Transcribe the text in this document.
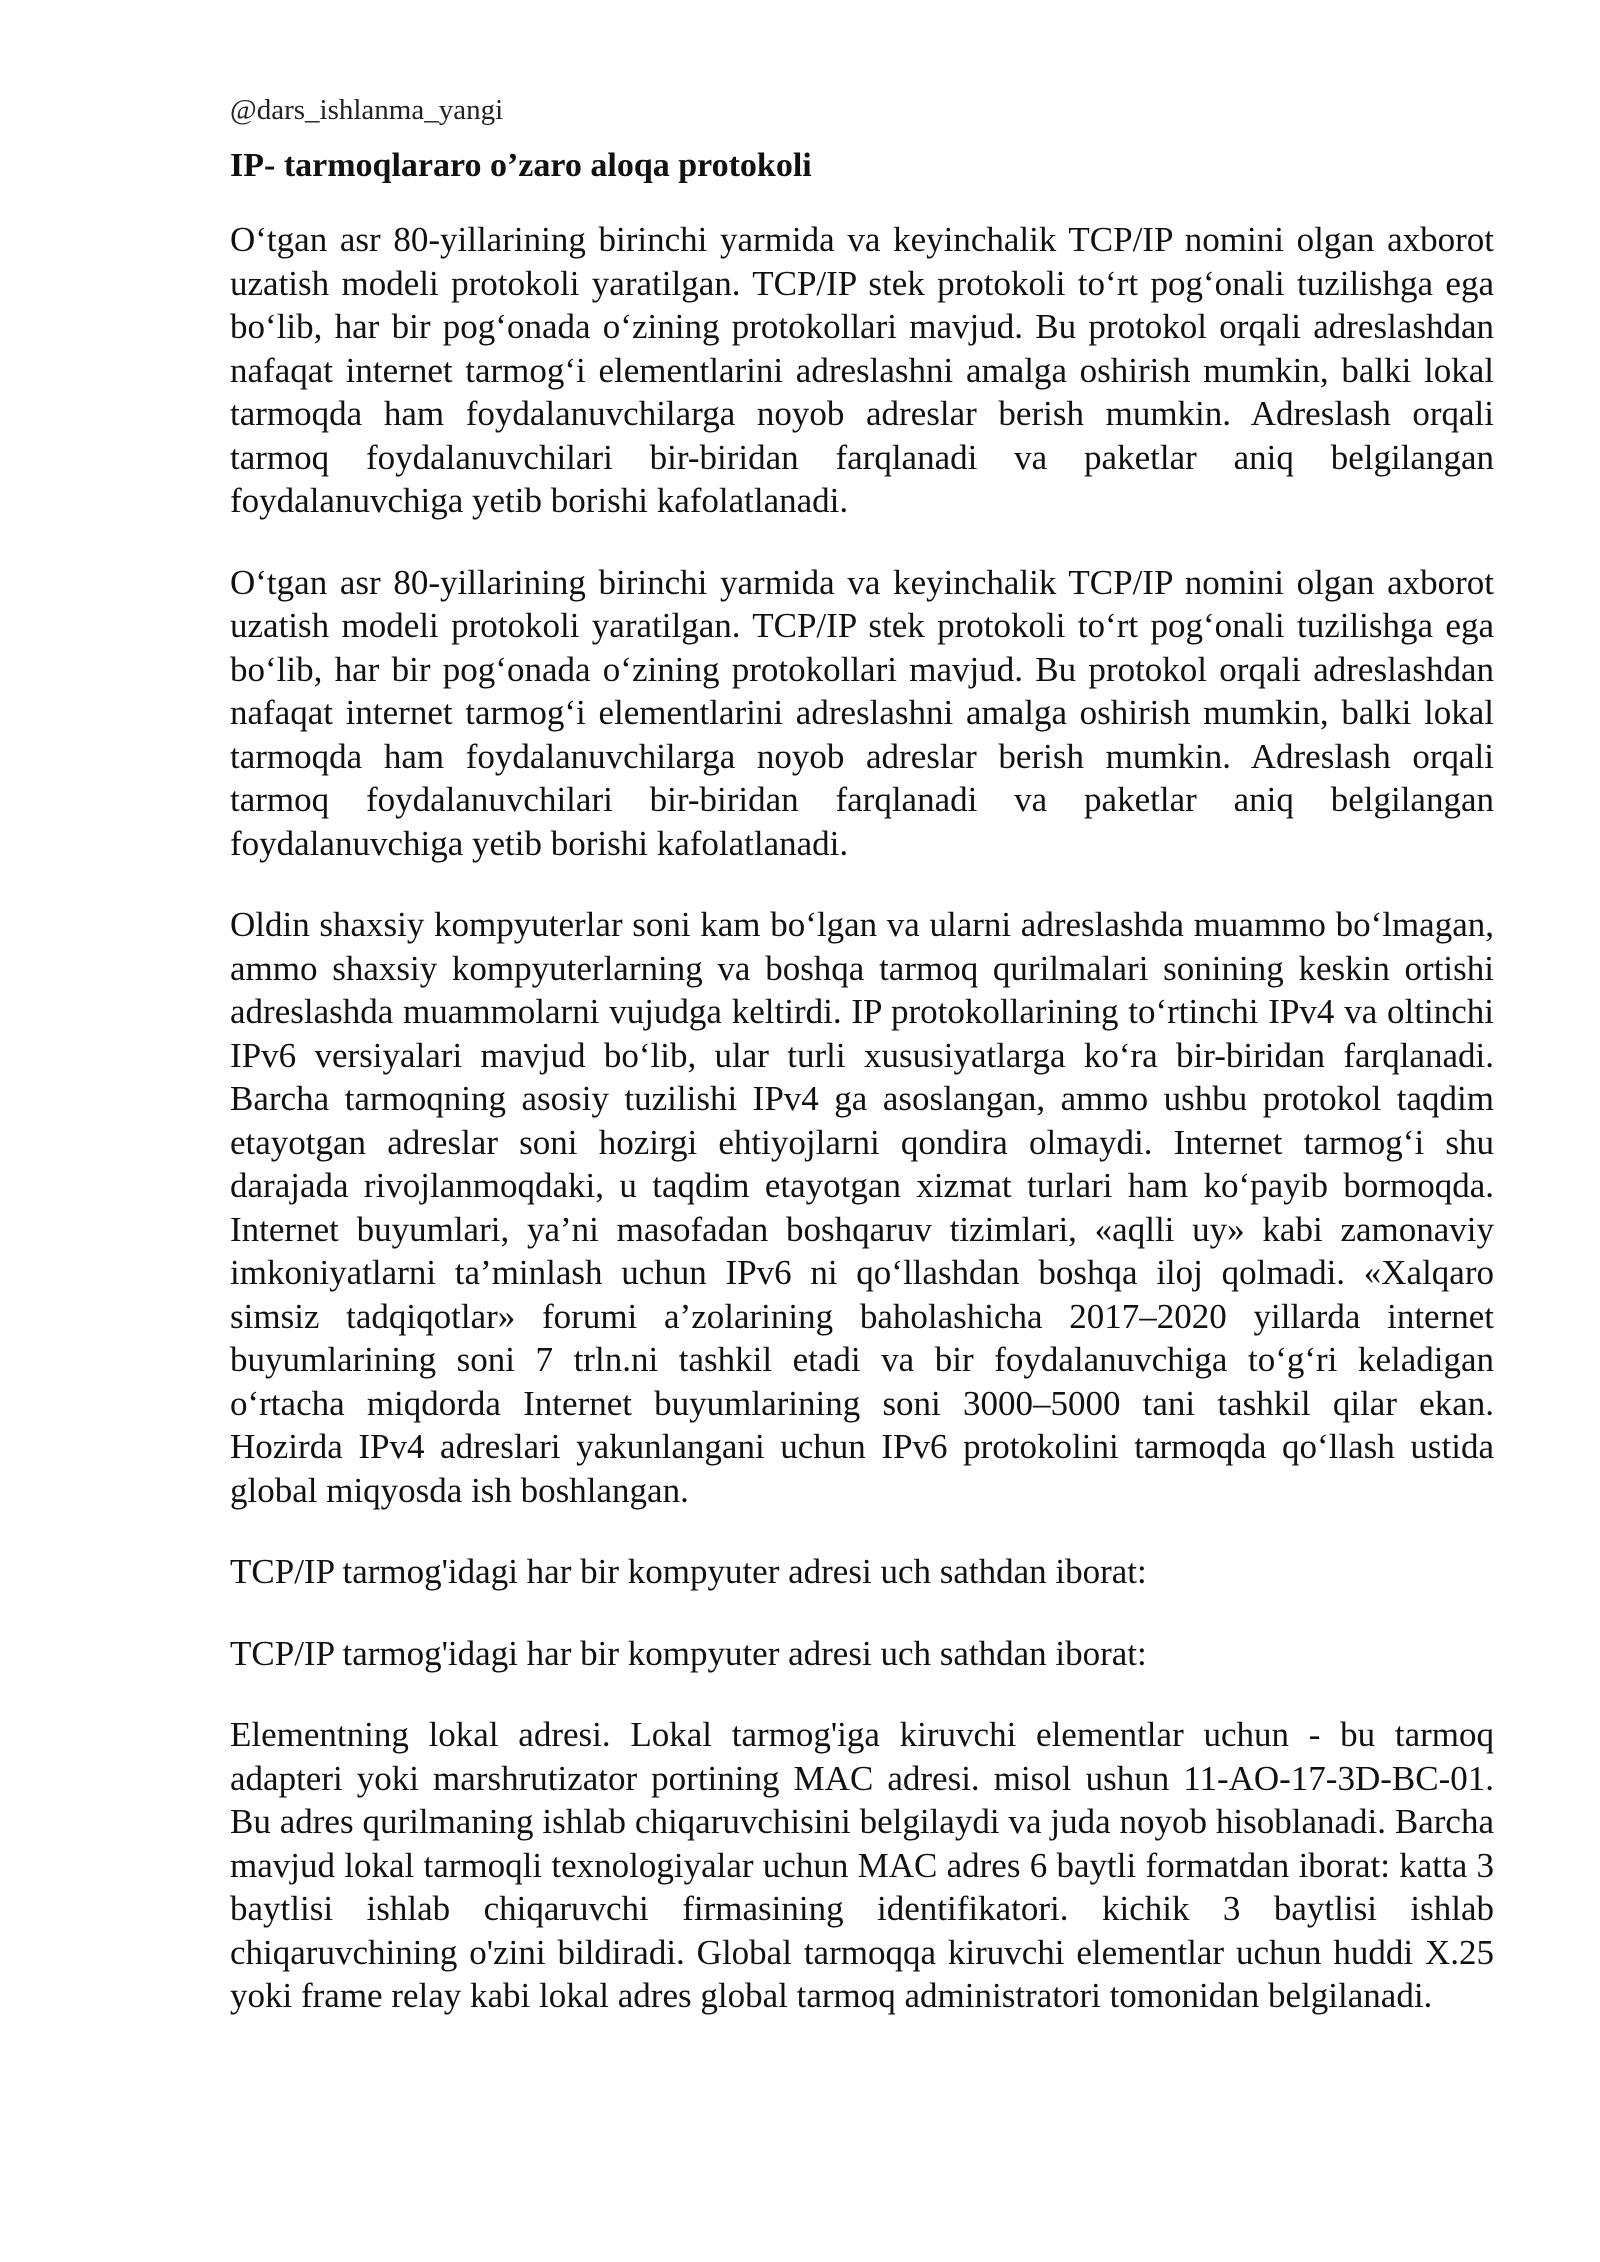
@dars_ishlanma_yangi
IP- tarmoqlararo o’zaro aloqa protokoli

O‘tgan asr 80-yillarining birinchi yarmida va keyinchalik TCP/IP nomini olgan axborot uzatish modeli protokoli yaratilgan. TCP/IP stek protokoli to‘rt pog‘onali tuzilishga ega bo‘lib, har bir pog‘onada o‘zining protokollari mavjud. Bu protokol orqali adreslashdan nafaqat internet tarmog‘i elementlarini adreslashni amalga oshirish mumkin, balki lokal tarmoqda ham foydalanuvchilarga noyob adreslar berish mumkin. Adreslash orqali tarmoq foydalanuvchilari bir-biridan farqlanadi va paketlar aniq belgilangan foydalanuvchiga yetib borishi kafolatlanadi.

O‘tgan asr 80-yillarining birinchi yarmida va keyinchalik TCP/IP nomini olgan axborot uzatish modeli protokoli yaratilgan. TCP/IP stek protokoli to‘rt pog‘onali tuzilishga ega bo‘lib, har bir pog‘onada o‘zining protokollari mavjud. Bu protokol orqali adreslashdan nafaqat internet tarmog‘i elementlarini adreslashni amalga oshirish mumkin, balki lokal tarmoqda ham foydalanuvchilarga noyob adreslar berish mumkin. Adreslash orqali tarmoq foydalanuvchilari bir-biridan farqlanadi va paketlar aniq belgilangan foydalanuvchiga yetib borishi kafolatlanadi.

Oldin shaxsiy kompyuterlar soni kam bo‘lgan va ularni adreslashda muammo bo‘lmagan, ammo shaxsiy kompyuterlarning va boshqa tarmoq qurilmalari sonining keskin ortishi adreslashda muammolarni vujudga keltirdi. IP protokollarining to‘rtinchi IPv4 va oltinchi IPv6 versiyalari mavjud bo‘lib, ular turli xususiyatlarga ko‘ra bir-biridan farqlanadi. Barcha tarmoqning asosiy tuzilishi IPv4 ga asoslangan, ammo ushbu protokol taqdim etayotgan adreslar soni hozirgi ehtiyojlarni qondira olmaydi. Internet tarmog‘i shu darajada rivojlanmoqdaki, u taqdim etayotgan xizmat turlari ham ko‘payib bormoqda. Internet buyumlari, ya’ni masofadan boshqaruv tizimlari, «aqlli uy» kabi zamonaviy imkoniyatlarni ta’minlash uchun IPv6 ni qo‘llashdan boshqa iloj qolmadi. «Xalqaro simsiz tadqiqotlar» forumi a’zolarining baholashicha 2017–2020 yillarda internet buyumlarining soni 7 trln.ni tashkil etadi va bir foydalanuvchiga to‘g‘ri keladigan o‘rtacha miqdorda Internet buyumlarining soni 3000–5000 tani tashkil qilar ekan. Hozirda IPv4 adreslari yakunlangani uchun IPv6 protokolini tarmoqda qo‘llash ustida global miqyosda ish boshlangan.

TCP/IP tarmog'idagi har bir kompyuter adresi uch sathdan iborat:

TCP/IP tarmog'idagi har bir kompyuter adresi uch sathdan iborat:

Elementning lokal adresi. Lokal tarmog'iga kiruvchi elementlar uchun - bu tarmoq adapteri yoki marshrutizator portining MAC adresi. misol ushun 11-AO-17-3D-BC-01. Bu adres qurilmaning ishlab chiqaruvchisini belgilaydi va juda noyob hisoblanadi. Barcha mavjud lokal tarmoqli texnologiyalar uchun MAC adres 6 baytli formatdan iborat: katta 3 baytlisi ishlab chiqaruvchi firmasining identifikatori. kichik 3 baytlisi ishlab chiqaruvchining o'zini bildiradi. Global tarmoqqa kiruvchi elementlar uchun huddi X.25 yoki frame relay kabi lokal adres global tarmoq administratori tomonidan belgilanadi.
